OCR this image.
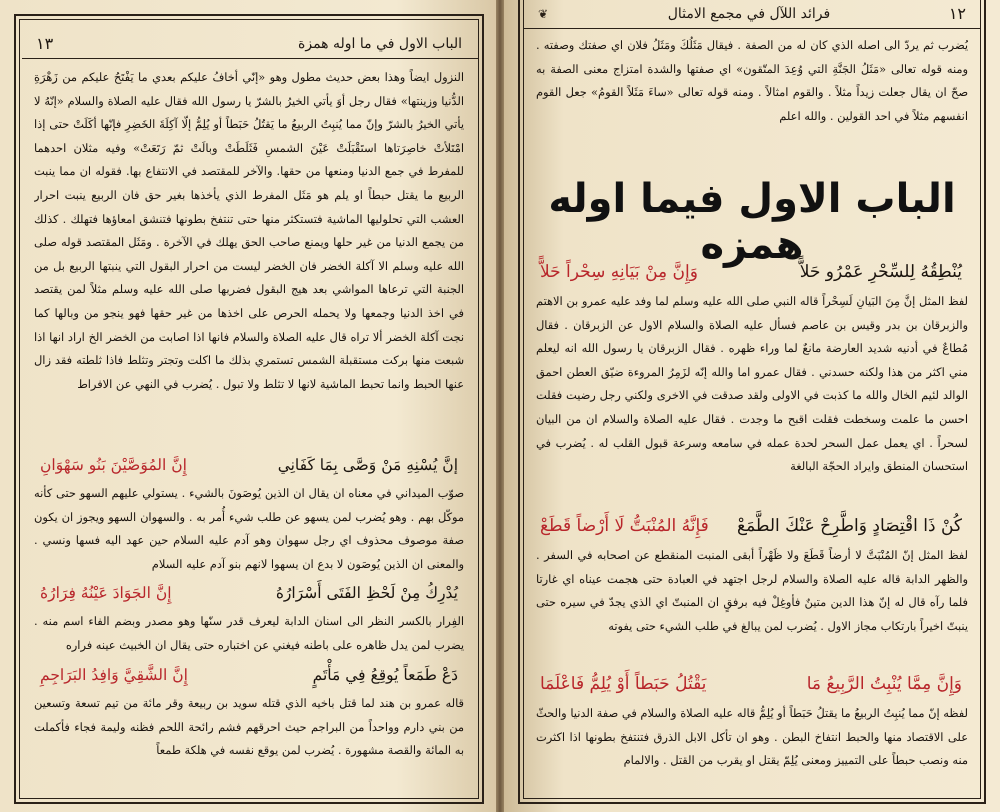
الباب الاول في ما اوله همزة
١٣

النزول ايضاً وهذا بعض حديث مطول وهو «إنّي أخافُ عليكم بعدي ما يَفْتَحُ عليكم من زَهْرَةِ الدُّنيا وزينتها» فقال رجل أوَ يأتي الخيرُ بالشرّ يا رسول الله فقال عليه الصلاة والسلام «إنّهُ لا يأتي الخيرُ بالشرّ وإنّ مما يُنبِتُ الربيعُ ما يَقتُلُ حَبَطاً أو يُلِمُّ إلّا آكِلَةَ الخَضِرِ فإنّها أكَلَتْ حتى إذا امْتَلأتْ خاصِرَتاها استَقْبَلَتْ عَيْنَ الشمسِ فَثَلَطَتْ وبالَتْ ثمّ رَتَعَتْ» وفيه مثلان احدهما للمفرط في جمع الدنيا ومنعها من حقها. والآخر للمقتصد في الانتفاع بها. فقوله ان مما ينبت الربيع ما يقتل حبطاً او يلم هو مَثَل المفرط الذي يأخذها بغير حق فان الربيع ينبت احرار العشب التي تحلوليها الماشية فتستكثر منها حتى تنتفخ بطونها فتنشق امعاؤها فتهلك . كذلك من يجمع الدنيا من غير حلها ويمنع صاحب الحق يهلك في الآخرة . ومَثَل المقتصد قوله صلى الله عليه وسلم الا آكلة الخضر فان الخضر ليست من احرار البقول التي ينبتها الربيع بل من الجنبة التي ترعاها المواشي بعد هيج البقول فضربها صلى الله عليه وسلم مثلاً لمن يقتصد في اخذ الدنيا وجمعها ولا يحمله الحرص على اخذها من غير حقها فهو ينجو من وبالها كما نجت آكلة الخضر ألا تراه قال عليه الصلاة والسلام فانها اذا اصابت من الخضر الخ اراد انها اذا شبعت منها بركت مستقبلة الشمس تستمري بذلك ما اكلت وتجتر وتثلط فاذا ثلطته فقد زال عنها الحبط وانما تحبط الماشية لانها لا تثلط ولا تبول . يُضرب في النهي عن الافراط

إنَّ يُسْنِهِ مَنْ وَصَّى بِمَا كَفَانِي
إِنَّ المُوَصَّيْنَ بَنُو سَهْوَانِ

صوّب الميداني في معناه ان يقال ان الذين يُوصَونَ بالشيء . يستولي عليهم السهو حتى كأنه موكّل بهم . وهو يُضرب لمن يسهو عن طلب شيء أُمر به . والسهوان السهو ويجوز ان يكون صفة موصوف محذوف اي رجل سهوان وهو آدم عليه السلام حين عهد اليه فسها ونسي . والمعنى ان الذين يُوصَون لا بدع ان يسهوا لانهم بنو آدم عليه السلام

يُدْرِكُ مِنْ لَحْظِ الفَتَى أَسْرَارُهُ
إِنَّ الجَوَادَ عَيْنُهُ فِرَارُهُ

الفِرار بالكسر النظر الى اسنان الدابة ليعرف قدر سنّها وهو مصدر وبضم الفاء اسم منه . يضرب لمن يدل ظاهره على باطنه فيغني عن اختباره حتى يقال ان الخبيث عينه فراره

دَعْ طَمَعاً يُوقِعُ فِي مَأْتَمٍ
إِنَّ الشَّقِيَّ وَافِدُ البَرَاجِمِ

قاله عمرو بن هند لما قتل باخيه الذي قتله سويد بن ربيعة وقر مائة من تيم تسعة وتسعين من بني دارم وواحداً من البراجم حيث احرقهم فشم رائحة اللحم فظنه وليمة فجاء فأكملت به المائة والقصة مشهورة . يُضرب لمن يوقع نفسه في هلكة طمعاً

١٢
فرائد اللآل في مجمع الامثال
❦

يُضرب ثم يردّ الى اصله الذي كان له من الصفة . فيقال مَثَلُكَ ومَثَلُ فلان اي صفتك وصفته . ومنه قوله تعالى «مَثَلُ الجَنَّةِ التي وُعِدَ المتّقون» اي صفتها والشدة امتزاج معنى الصفة به صحّ ان يقال جعلت زيداً مثلاً . والقوم امثالاً . ومنه قوله تعالى «ساءَ مَثَلاً القومُ» جعل القوم انفسهم مثلاً في احد القولين . والله اعلم

الباب الاول فيما اوله همزه
يُنْطِقُهُ لِلسِّحْرِ عَمْرُو حَلاًّ
وَإِنَّ مِنْ بَيَانِهِ سِحْراً حَلاًّ

لفظ المثل إنَّ مِنَ البَيانِ لَسِحْراً قاله النبي صلى الله عليه وسلم لما وفد عليه عمرو بن الاهتم والزبرقان بن بدر وقيس بن عاصم فسأل عليه الصلاة والسلام الاول عن الزبرقان . فقال مُطاعٌ في أدنيه شديد العارضة مانعٌ لما وراء ظهره . فقال الزبرقان يا رسول الله انه ليعلم مني اكثر من هذا ولكنه حسدني . فقال عمرو اما والله إنّه لزَمِرُ المروءة ضيّق العطن احمق الوالد لئيم الخال والله ما كذبت في الاولى ولقد صدقت في الاخرى ولكني رجل رضيت فقلت احسن ما علمت وسخطت فقلت اقبح ما وجدت . فقال عليه الصلاة والسلام ان من البيان لسحراً . اي يعمل عمل السحر لحدة عمله في سامعه وسرعة قبول القلب له . يُضرب في استحسان المنطق وايراد الحجّة البالغة

كُنْ ذَا اقْتِصَادٍ وَاطَّرِحْ عَنْكَ الطَّمَعْ
فَإِنَّهُ المُنْبَتُّ لَا أَرْضاً قَطَعْ

لفظ المثل إنّ المُنْبَتَّ لا أرضاً قَطَعَ ولا ظَهْراً أبقى المنبت المنقطع عن اصحابه في السفر . والظهر الدابة قاله عليه الصلاة والسلام لرجل اجتهد في العبادة حتى هجمت عيناه اي غارتا فلما رآه قال له إنّ هذا الدين متينٌ فأوغِلْ فيه برفقٍ ان المنبتّ اي الذي يجدّ في سيره حتى ينبتّ اخيراً بارتكاب مجاز الاول . يُضرب لمن يبالغ في طلب الشيء حتى يفوته

وَإِنَّ مِمَّا يُنْبِتُ الرَّبِيعُ مَا
يَقْتُلُ حَبَطاً أَوْ يُلِمُّ فَاعْلَمَا

لفظه إنّ مما يُنبِتُ الربيعُ ما يقتلُ حَبَطاً أو يُلِمُّ قاله عليه الصلاة والسلام في صفة الدنيا والحثّ على الاقتصاد منها والحبط انتفاخ البطن . وهو ان تأكل الابل الذرق فتنتفخ بطونها اذا اكثرت منه ونصب حبطاً على التمييز ومعنى يُلِمّ يقتل او يقرب من القتل . والالمام
